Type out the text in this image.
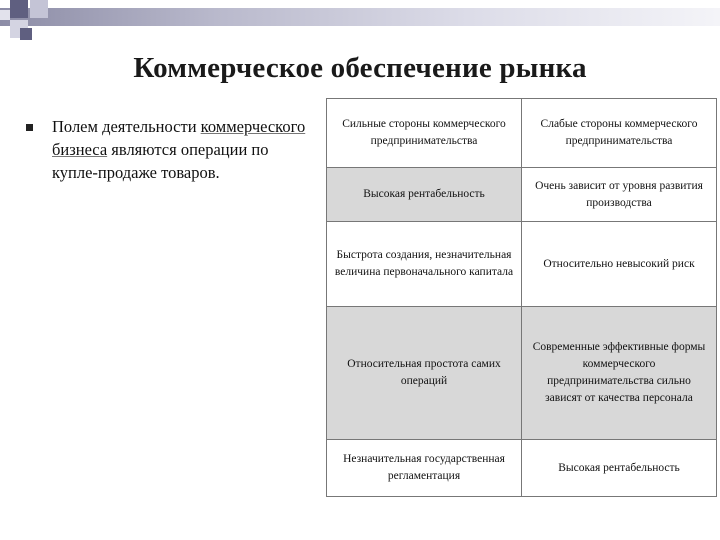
Коммерческое обеспечение рынка
Полем деятельности коммерческого бизнеса являются операции по купле-продаже товаров.
Сильные стороны коммерческого предпринимательства	Слабые стороны коммерческого предпринимательства
Высокая рентабельность	Очень зависит от уровня развития производства
Быстрота создания, незначительная величина первоначального капитала	Относительно невысокий риск
Относительная простота самих операций	Современные эффективные формы коммерческого предпринимательства сильно зависят от качества персонала
Незначительная государственная регламентация	Высокая рентабельность
